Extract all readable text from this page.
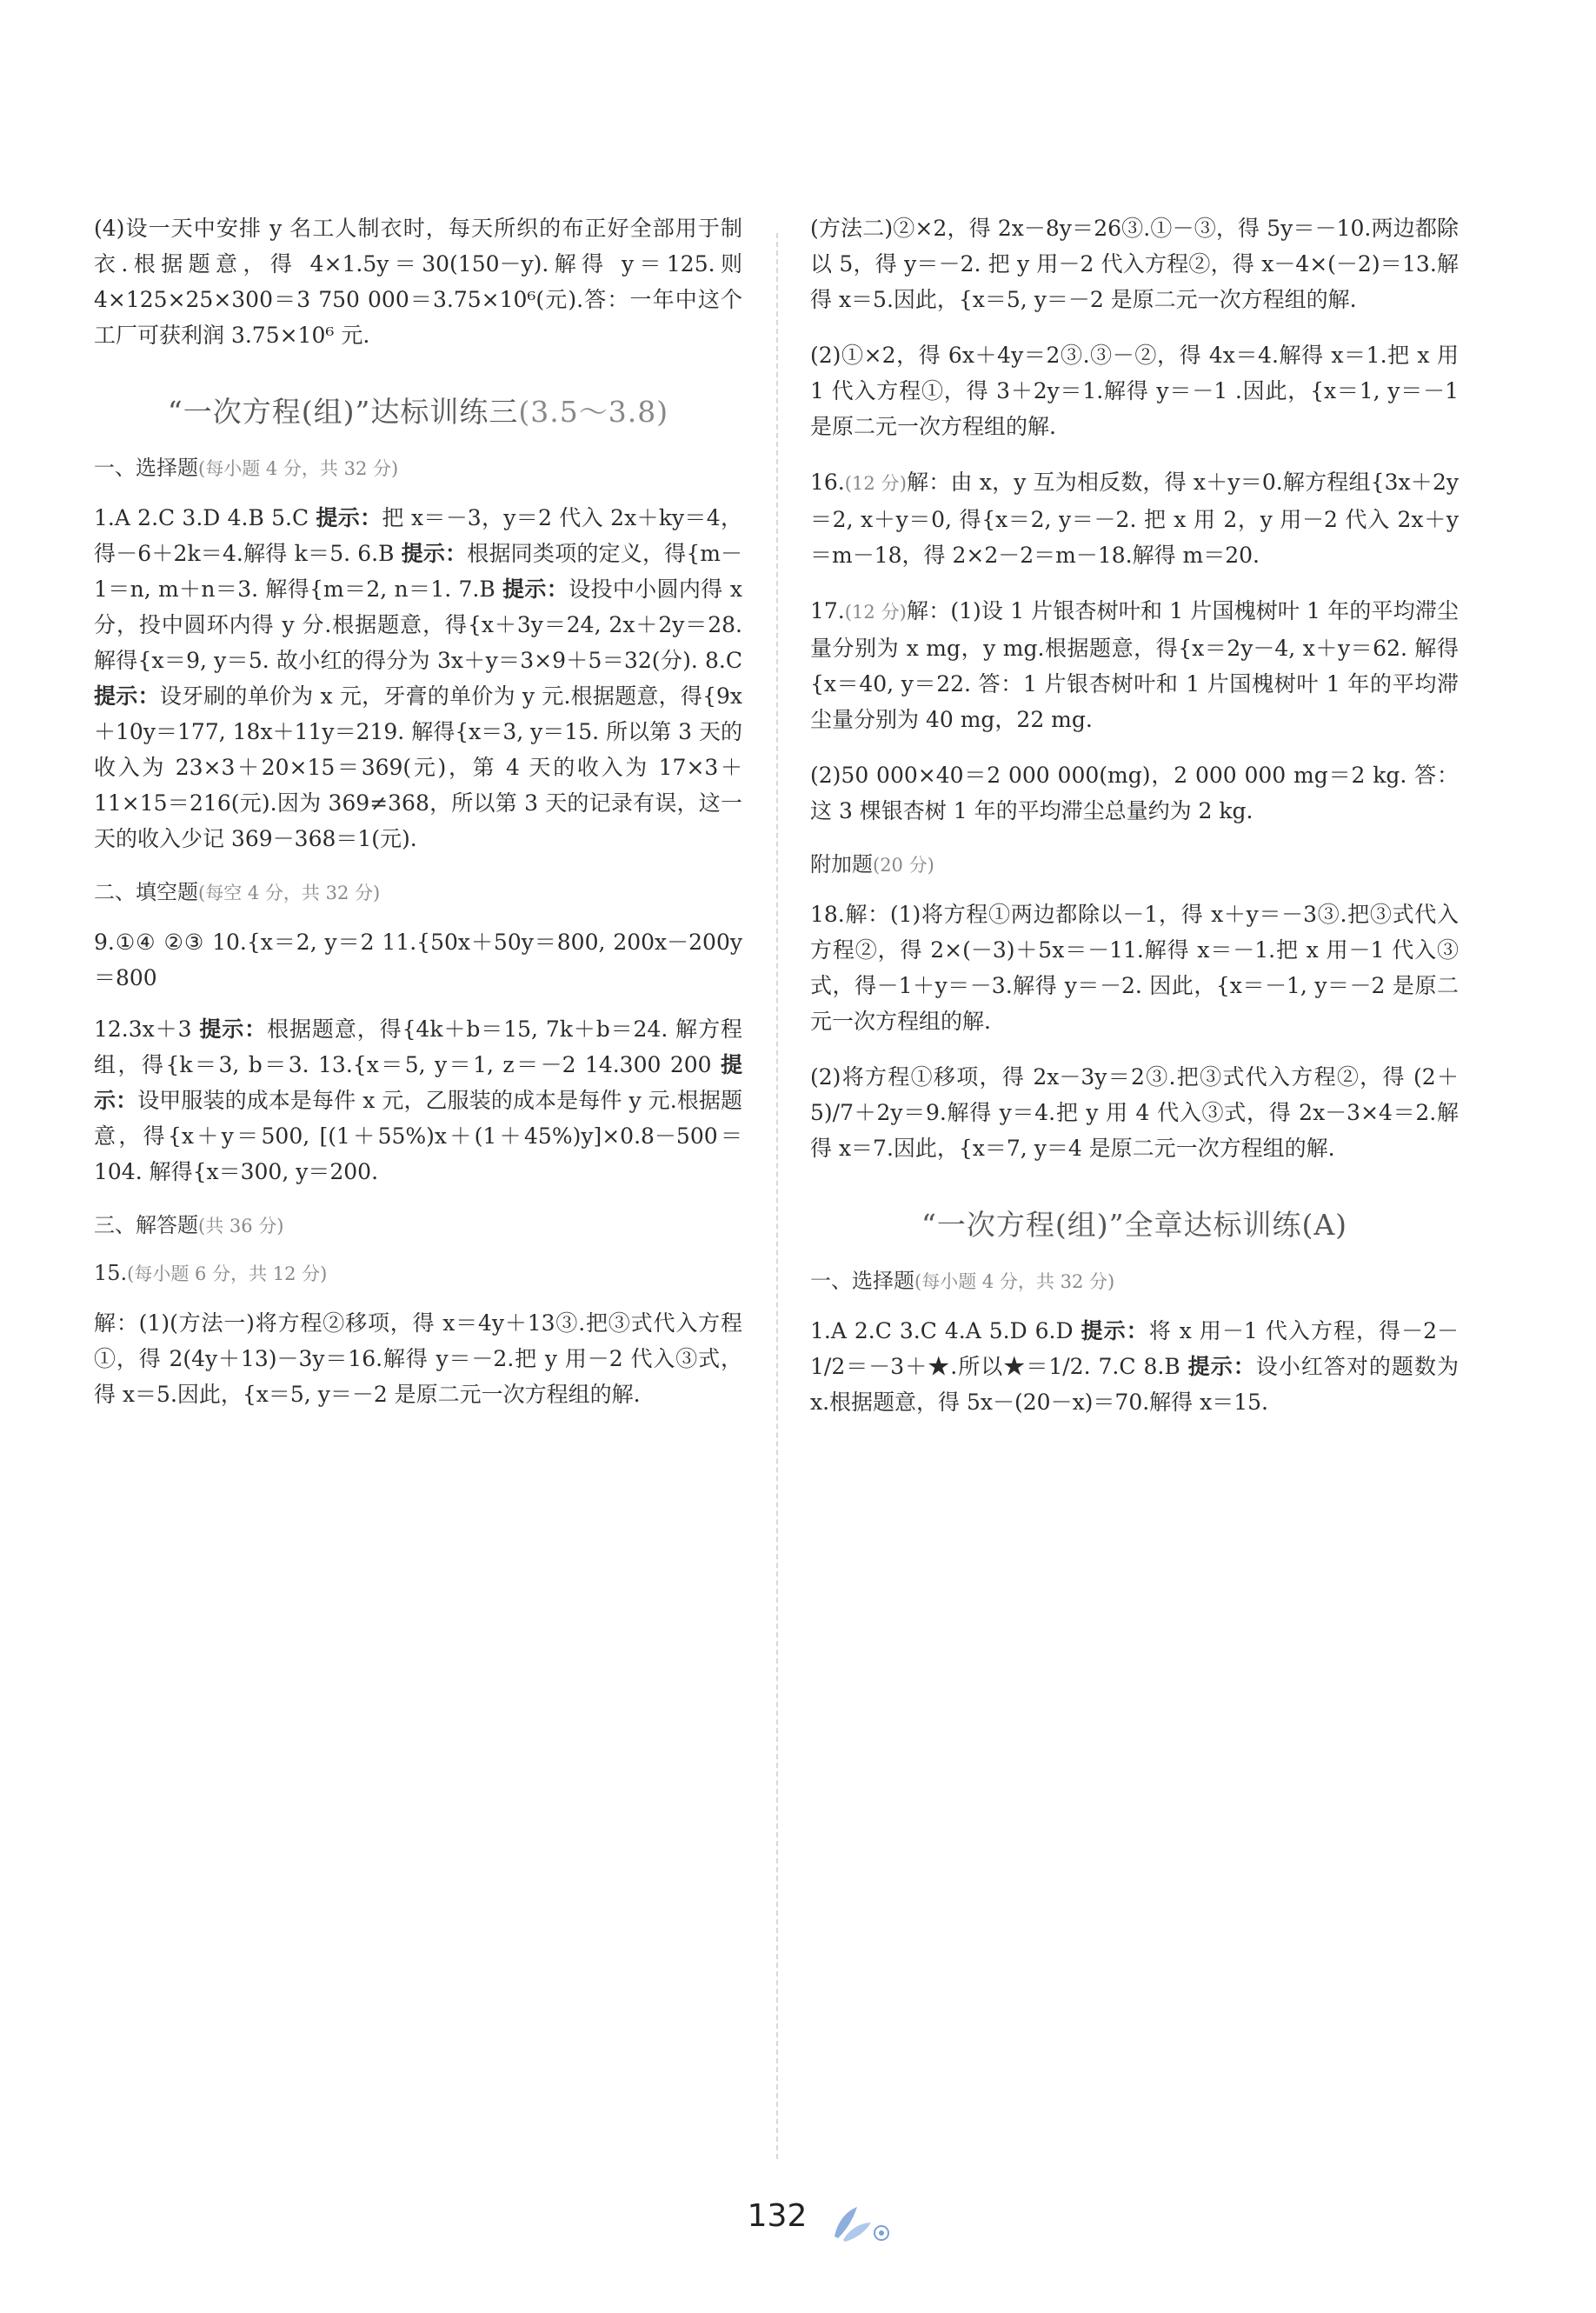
(4)设一天中安排 y 名工人制衣时，每天所织的布正好全部用于制衣.根据题意，得 4×1.5y＝30(150－y).解得 y＝125.则 4×125×25×300＝3 750 000＝3.75×10⁶(元).答：一年中这个工厂可获利润 3.75×10⁶ 元.

“一次方程(组)”达标训练三(3.5～3.8)
一、选择题(每小题 4 分，共 32 分)

1.A 2.C 3.D 4.B 5.C 提示：把 x＝－3，y＝2 代入 2x＋ky＝4，得－6＋2k＝4.解得 k＝5. 6.B 提示：根据同类项的定义，得{m－1＝n, m＋n＝3. 解得{m＝2, n＝1. 7.B 提示：设投中小圆内得 x 分，投中圆环内得 y 分.根据题意，得{x＋3y＝24, 2x＋2y＝28. 解得{x＝9, y＝5. 故小红的得分为 3x＋y＝3×9＋5＝32(分). 8.C 提示：设牙刷的单价为 x 元，牙膏的单价为 y 元.根据题意，得{9x＋10y＝177, 18x＋11y＝219. 解得{x＝3, y＝15. 所以第 3 天的收入为 23×3＋20×15＝369(元)，第 4 天的收入为 17×3＋11×15＝216(元).因为 369≠368，所以第 3 天的记录有误，这一天的收入少记 369－368＝1(元).

二、填空题(每空 4 分，共 32 分)

9.①④ ②③ 10.{x＝2, y＝2 11.{50x＋50y＝800, 200x－200y＝800

12.3x＋3 提示：根据题意，得{4k＋b＝15, 7k＋b＝24. 解方程组，得{k＝3, b＝3. 13.{x＝5, y＝1, z＝－2 14.300 200 提示：设甲服装的成本是每件 x 元，乙服装的成本是每件 y 元.根据题意，得{x＋y＝500, [(1＋55%)x＋(1＋45%)y]×0.8－500＝104. 解得{x＝300, y＝200.

三、解答题(共 36 分)
15.(每小题 6 分，共 12 分)

解：(1)(方法一)将方程②移项，得 x＝4y＋13③.把③式代入方程①，得 2(4y＋13)－3y＝16.解得 y＝－2.把 y 用－2 代入③式，得 x＝5.因此，{x＝5, y＝－2 是原二元一次方程组的解.

(方法二)②×2，得 2x－8y＝26③.①－③，得 5y＝－10.两边都除以 5，得 y＝－2. 把 y 用－2 代入方程②，得 x－4×(－2)＝13.解得 x＝5.因此，{x＝5, y＝－2 是原二元一次方程组的解.

(2)①×2，得 6x＋4y＝2③.③－②，得 4x＝4.解得 x＝1.把 x 用 1 代入方程①，得 3＋2y＝1.解得 y＝－1 .因此，{x＝1, y＝－1 是原二元一次方程组的解.

16.(12 分)解：由 x，y 互为相反数，得 x＋y＝0.解方程组{3x＋2y＝2, x＋y＝0, 得{x＝2, y＝－2. 把 x 用 2，y 用－2 代入 2x＋y＝m－18，得 2×2－2＝m－18.解得 m＝20.

17.(12 分)解：(1)设 1 片银杏树叶和 1 片国槐树叶 1 年的平均滞尘量分别为 x mg，y mg.根据题意，得{x＝2y－4, x＋y＝62. 解得{x＝40, y＝22. 答：1 片银杏树叶和 1 片国槐树叶 1 年的平均滞尘量分别为 40 mg，22 mg.

(2)50 000×40＝2 000 000(mg)，2 000 000 mg＝2 kg. 答：这 3 棵银杏树 1 年的平均滞尘总量约为 2 kg.

附加题(20 分)

18.解：(1)将方程①两边都除以－1，得 x＋y＝－3③.把③式代入方程②，得 2×(－3)＋5x＝－11.解得 x＝－1.把 x 用－1 代入③式，得－1＋y＝－3.解得 y＝－2. 因此，{x＝－1, y＝－2 是原二元一次方程组的解.

(2)将方程①移项，得 2x－3y＝2③.把③式代入方程②，得 (2＋5)/7＋2y＝9.解得 y＝4.把 y 用 4 代入③式，得 2x－3×4＝2.解得 x＝7.因此，{x＝7, y＝4 是原二元一次方程组的解.

“一次方程(组)”全章达标训练(A)
一、选择题(每小题 4 分，共 32 分)

1.A 2.C 3.C 4.A 5.D 6.D 提示：将 x 用－1 代入方程，得－2－1/2＝－3＋★.所以★＝1/2. 7.C 8.B 提示：设小红答对的题数为 x.根据题意，得 5x－(20－x)＝70.解得 x＝15.

132
